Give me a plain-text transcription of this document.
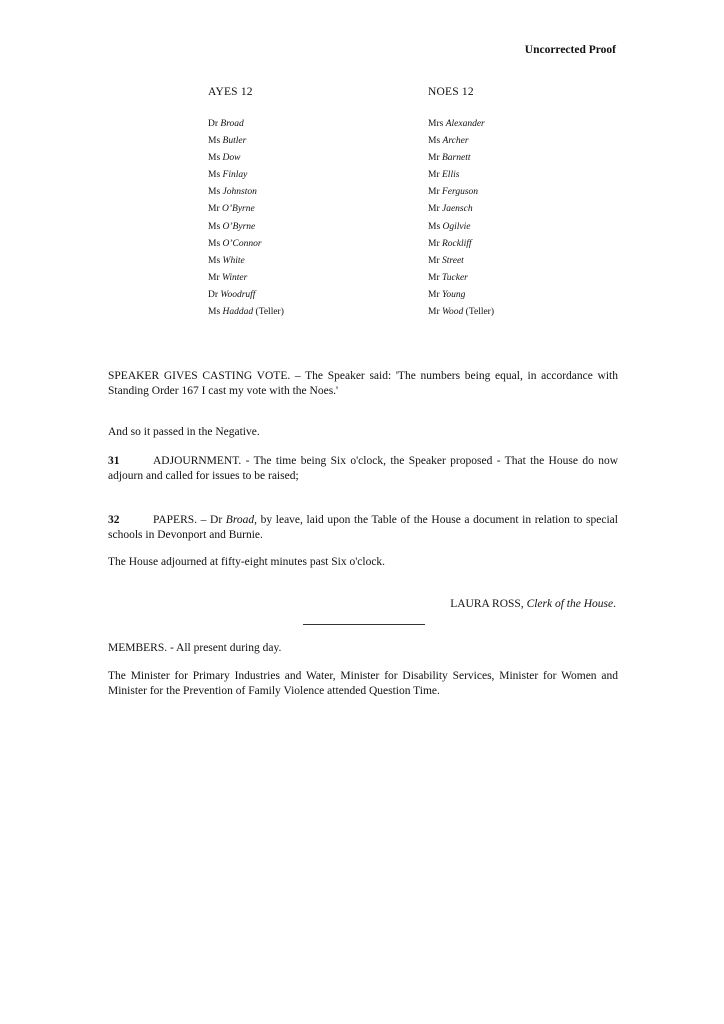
Uncorrected Proof
AYES 12
Dr Broad
Ms Butler
Ms Dow
Ms Finlay
Ms Johnston
Mr O’Byrne
Ms O’Byrne
Ms O’Connor
Ms White
Mr Winter
Dr Woodruff
Ms Haddad (Teller)
NOES 12
Mrs Alexander
Ms Archer
Mr Barnett
Mr Ellis
Mr Ferguson
Mr Jaensch
Ms Ogilvie
Mr Rockliff
Mr Street
Mr Tucker
Mr Young
Mr Wood (Teller)

SPEAKER GIVES CASTING VOTE. – The Speaker said: 'The numbers being equal, in accordance with Standing Order 167 I cast my vote with the Noes.'

And so it passed in the Negative.

31	ADJOURNMENT. - The time being Six o'clock, the Speaker proposed - That the House do now adjourn and called for issues to be raised;

32	PAPERS. – Dr Broad, by leave, laid upon the Table of the House a document in relation to special schools in Devonport and Burnie.

The House adjourned at fifty-eight minutes past Six o'clock.

LAURA ROSS, Clerk of the House.

MEMBERS. - All present during day.

The Minister for Primary Industries and Water, Minister for Disability Services, Minister for Women and Minister for the Prevention of Family Violence attended Question Time.
